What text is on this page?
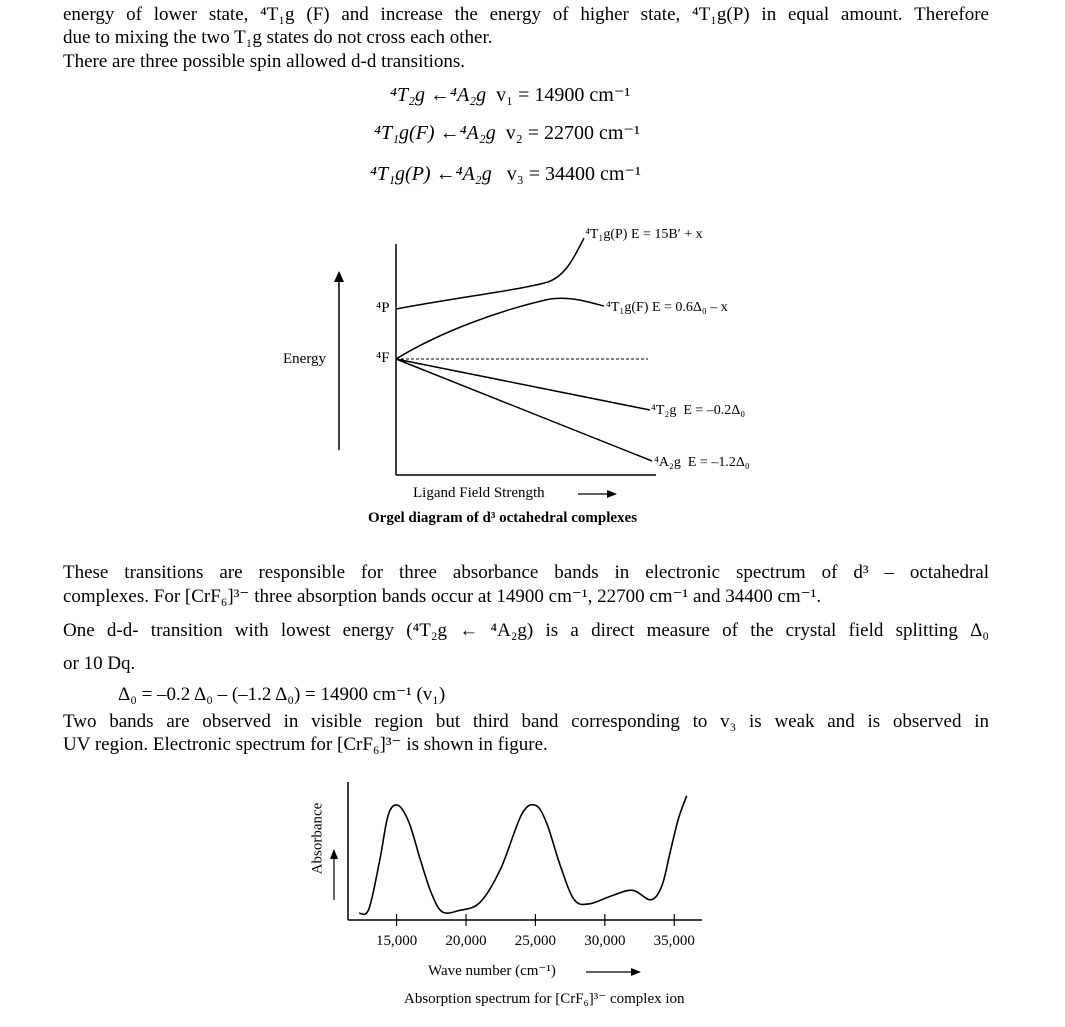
energy of lower state, ⁴T₁g (F) and increase the energy of higher state, ⁴T₁g(P) in equal amount. Therefore
due to mixing the two T₁g states do not cross each other.
There are three possible spin allowed d-d transitions.
⁴T₂g ←⁴A₂g v₁ = 14900 cm⁻¹
⁴T₁g(F) ←⁴A₂g v₂ = 22700 cm⁻¹
⁴T₁g(P) ←⁴A₂g v₃ = 34400 cm⁻¹
Energy
⁴P
⁴F
⁴T₁g(P) E = 15B′ + x
⁴T₁g(F) E = 0.6Δ₀ – x
⁴T₂g E = –0.2Δ₀
⁴A₂g E = –1.2Δ₀
Ligand Field Strength
Orgel diagram of d³ octahedral complexes
These transitions are responsible for three absorbance bands in electronic spectrum of d³ – octahedral
complexes. For [CrF₆]³⁻ three absorption bands occur at 14900 cm⁻¹, 22700 cm⁻¹ and 34400 cm⁻¹.
One d-d- transition with lowest energy (⁴T₂g ← ⁴A₂g) is a direct measure of the crystal field splitting Δ₀
or 10 Dq.
Δ₀ = –0.2 Δ₀ – (–1.2 Δ₀) = 14900 cm⁻¹ (v₁)
Two bands are observed in visible region but third band corresponding to v₃ is weak and is observed in
UV region. Electronic spectrum for [CrF₆]³⁻ is shown in figure.
Absorbance
15,000	20,000	25,000	30,000	35,000
Wave number (cm⁻¹)
Absorption spectrum for [CrF₆]³⁻ complex ion
